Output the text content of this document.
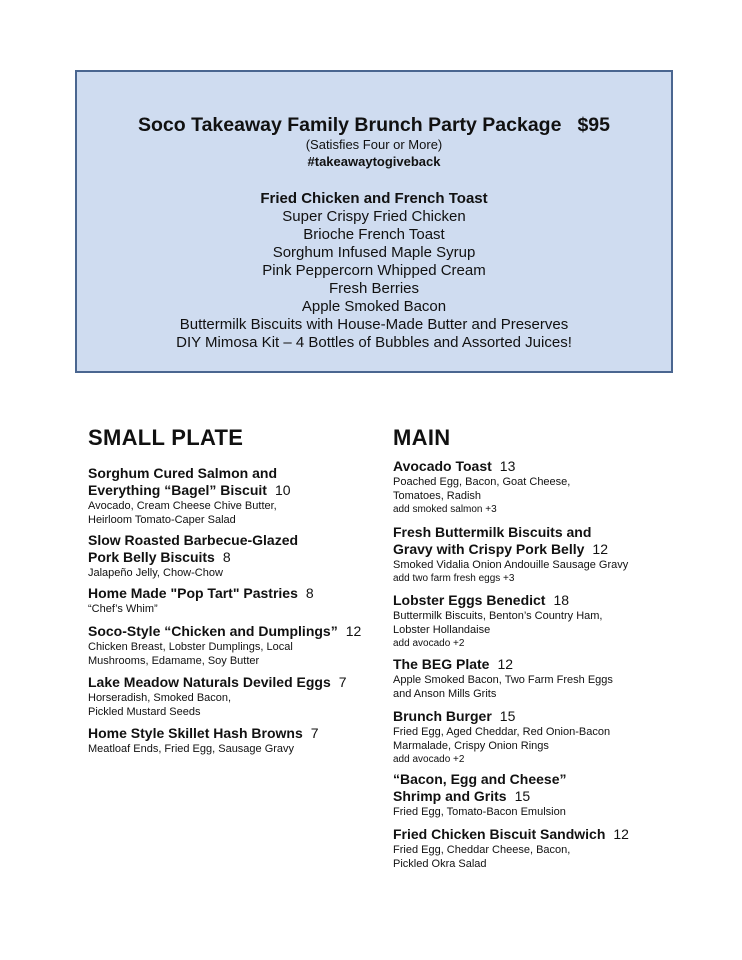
Soco Takeaway Family Brunch Party Package $95
(Satisfies Four or More)
#takeawaytogiveback
Fried Chicken and French Toast
Super Crispy Fried Chicken
Brioche French Toast
Sorghum Infused Maple Syrup
Pink Peppercorn Whipped Cream
Fresh Berries
Apple Smoked Bacon
Buttermilk Biscuits with House-Made Butter and Preserves
DIY Mimosa Kit – 4 Bottles of Bubbles and Assorted Juices!
SMALL PLATE	MAIN
Sorghum Cured Salmon and
Everything “Bagel” Biscuit 10
Avocado, Cream Cheese Chive Butter,
Heirloom Tomato-Caper Salad
Slow Roasted Barbecue-Glazed
Pork Belly Biscuits 8
Jalapeño Jelly, Chow-Chow
Home Made "Pop Tart" Pastries 8
“Chef’s Whim”
Soco-Style “Chicken and Dumplings” 12
Chicken Breast, Lobster Dumplings, Local
Mushrooms, Edamame, Soy Butter
Lake Meadow Naturals Deviled Eggs 7
Horseradish, Smoked Bacon,
Pickled Mustard Seeds
Home Style Skillet Hash Browns 7
Meatloaf Ends, Fried Egg, Sausage Gravy
Avocado Toast 13
Poached Egg, Bacon, Goat Cheese,
Tomatoes, Radish
add smoked salmon +3
Fresh Buttermilk Biscuits and
Gravy with Crispy Pork Belly 12
Smoked Vidalia Onion Andouille Sausage Gravy
add two farm fresh eggs +3
Lobster Eggs Benedict 18
Buttermilk Biscuits, Benton’s Country Ham,
Lobster Hollandaise
add avocado +2
The BEG Plate 12
Apple Smoked Bacon, Two Farm Fresh Eggs
and Anson Mills Grits
Brunch Burger 15
Fried Egg, Aged Cheddar, Red Onion-Bacon
Marmalade, Crispy Onion Rings
add avocado +2
“Bacon, Egg and Cheese”
Shrimp and Grits 15
Fried Egg, Tomato-Bacon Emulsion
Fried Chicken Biscuit Sandwich 12
Fried Egg, Cheddar Cheese, Bacon,
Pickled Okra Salad
